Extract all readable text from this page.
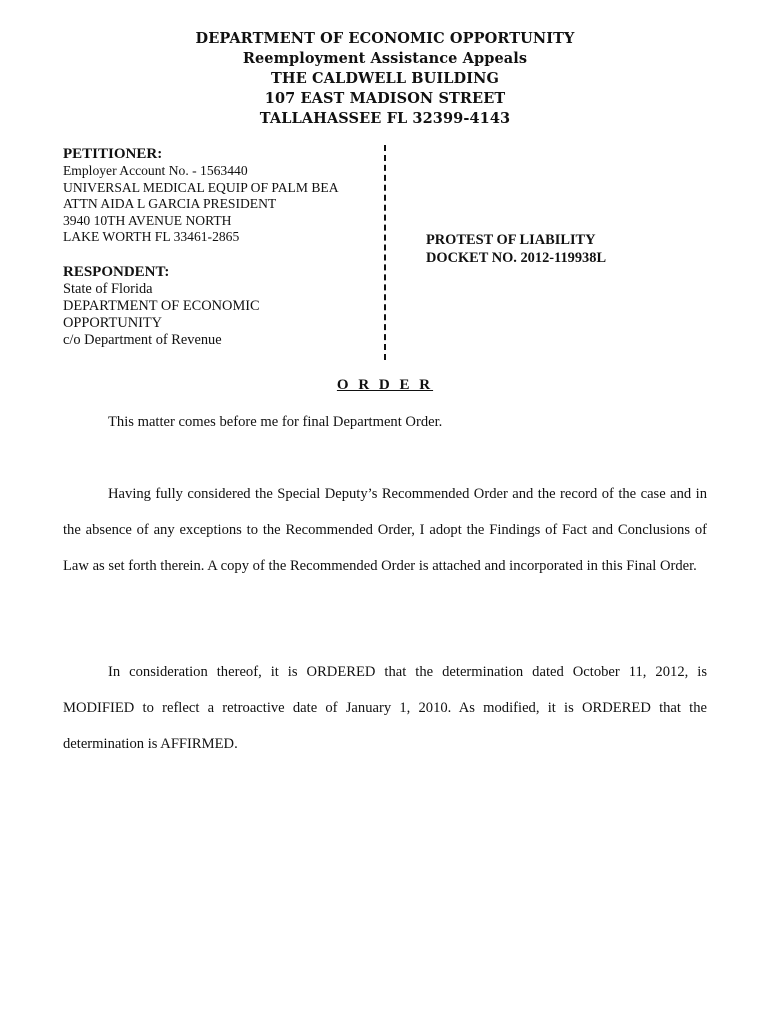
DEPARTMENT OF ECONOMIC OPPORTUNITY
Reemployment Assistance Appeals
THE CALDWELL BUILDING
107 EAST MADISON STREET
TALLAHASSEE FL 32399-4143
PETITIONER:
Employer Account No. - 1563440
UNIVERSAL MEDICAL EQUIP OF PALM BEA
ATTN AIDA L GARCIA PRESIDENT
3940 10TH AVENUE NORTH
LAKE WORTH FL 33461-2865
RESPONDENT:
State of Florida
DEPARTMENT OF ECONOMIC
OPPORTUNITY
c/o Department of Revenue
PROTEST OF LIABILITY
DOCKET NO. 2012-119938L
O R D E R
This matter comes before me for final Department Order.
Having fully considered the Special Deputy’s Recommended Order and the record of the case and in the absence of any exceptions to the Recommended Order, I adopt the Findings of Fact and Conclusions of Law as set forth therein. A copy of the Recommended Order is attached and incorporated in this Final Order.
In consideration thereof, it is ORDERED that the determination dated October 11, 2012, is MODIFIED to reflect a retroactive date of January 1, 2010. As modified, it is ORDERED that the determination is AFFIRMED.
